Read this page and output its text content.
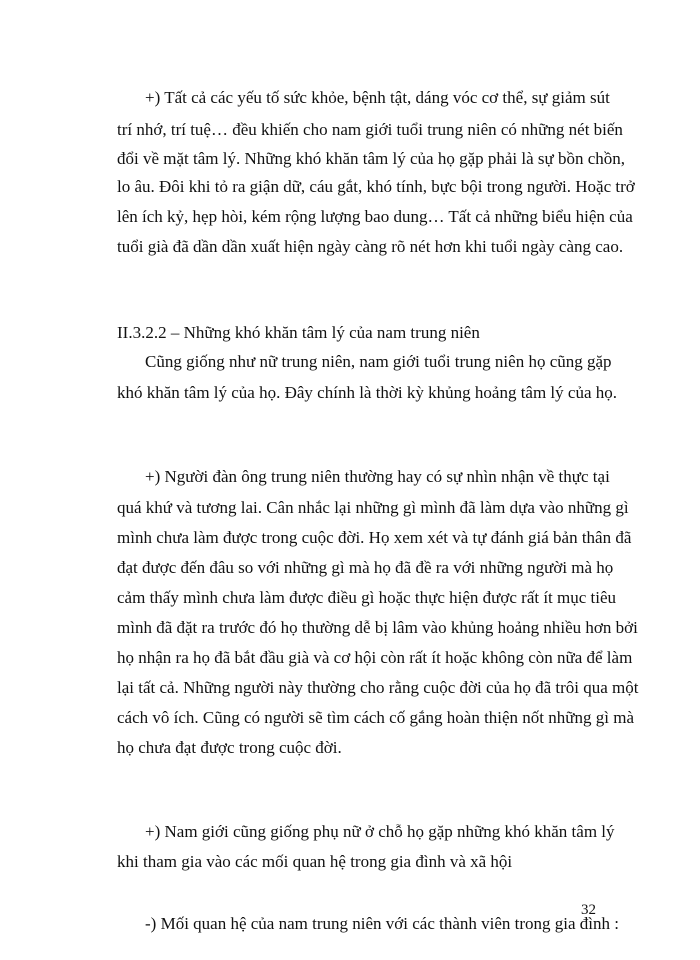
+) Tất cả các yếu tố sức khỏe, bệnh tật, dáng vóc cơ thể, sự giảm sút
trí nhớ, trí tuệ… đều khiến cho nam giới tuổi trung niên có những nét biến
đổi về mặt tâm lý. Những khó khăn tâm lý của họ gặp phải là sự bồn chồn,
lo âu. Đôi khi tỏ ra giận dữ, cáu gắt, khó tính, bực bội trong người. Hoặc trở
lên ích kỷ, hẹp hòi, kém rộng lượng bao dung… Tất cả những biểu hiện của
tuổi già đã dần dần xuất hiện ngày càng rõ nét hơn khi tuổi ngày càng cao.
II.3.2.2 – Những khó khăn tâm lý của nam trung niên
Cũng giống như nữ trung niên, nam giới tuổi trung niên họ cũng gặp
khó khăn tâm lý của họ. Đây chính là thời kỳ khủng hoảng tâm lý của họ.
+) Người đàn ông trung niên thường hay có sự nhìn nhận về thực tại
quá khứ và tương lai. Cân nhắc lại những gì mình đã làm dựa vào những gì
mình chưa làm được trong cuộc đời. Họ xem xét và tự đánh giá bản thân đã
đạt được đến đâu so với những gì mà họ đã đề ra với những người mà họ
cảm thấy mình chưa làm được điều gì hoặc thực hiện được rất ít mục tiêu
mình đã đặt ra trước đó họ thường dễ bị lâm vào khủng hoảng nhiều hơn bởi
họ nhận ra họ đã bắt đầu già và cơ hội còn rất ít hoặc không còn nữa để làm
lại tất cả. Những người này thường cho rằng cuộc đời của họ đã trôi qua một
cách vô ích. Cũng có người sẽ tìm cách cố gắng hoàn thiện nốt những gì mà
họ chưa đạt được trong cuộc đời.
+) Nam giới cũng giống phụ nữ ở chỗ họ gặp những khó khăn tâm lý
khi tham gia vào các mối quan hệ trong gia đình và xã hội
-) Mối quan hệ của nam trung niên với các thành viên trong gia đình :
32
